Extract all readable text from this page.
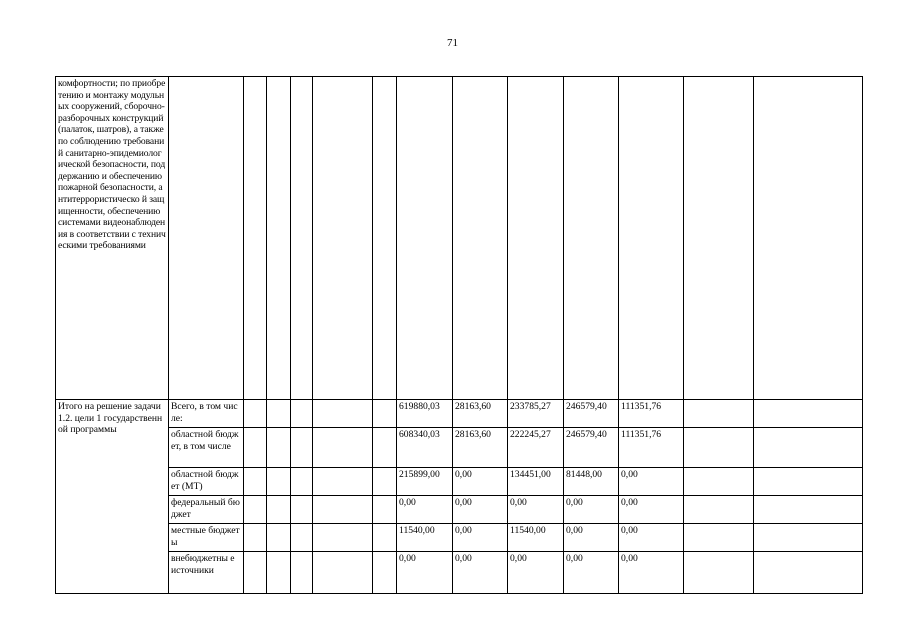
71
комфортности; по приобретению и монтажу модульных сооружений, сборочно-разборочных конструкций (палаток, шатров), а также по соблюдению требований санитарно-эпидемиологической безопасности, поддержанию и обеспечению пожарной безопасности, антитеррористическо й защищенности, обеспечению системами видеонаблюдения в соответствии с техническими требованиями													
Итого на решение задачи 1.2. цели 1 государственной программы	Всего, в том числе:						619880,03	28163,60	233785,27	246579,40	111351,76		
	областной бюджет, в том числе						608340,03	28163,60	222245,27	246579,40	111351,76		
	областной бюджет (МТ)						215899,00	0,00	134451,00	81448,00	0,00		
	федеральный бюджет						0,00	0,00	0,00	0,00	0,00		
	местные бюджеты						11540,00	0,00	11540,00	0,00	0,00		
	внебюджетны е источники						0,00	0,00	0,00	0,00	0,00		
